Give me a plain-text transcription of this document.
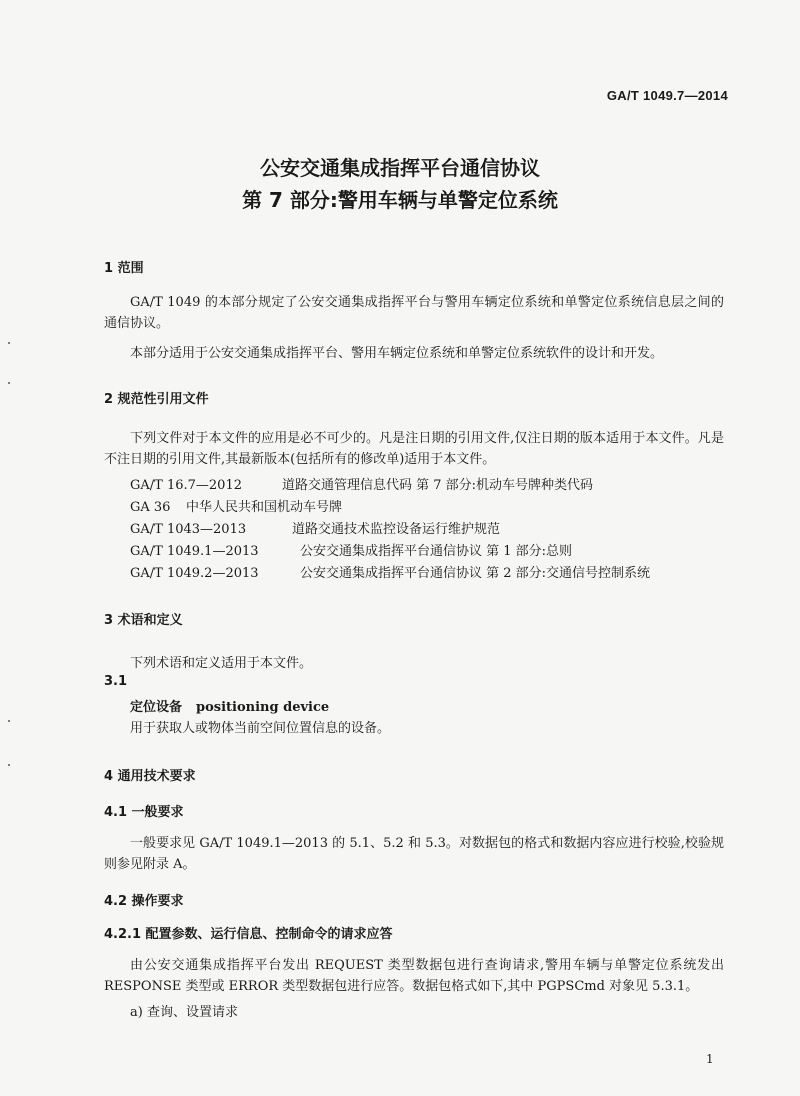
GA/T 1049.7—2014
公安交通集成指挥平台通信协议
第 7 部分:警用车辆与单警定位系统
1 范围
GA/T 1049 的本部分规定了公安交通集成指挥平台与警用车辆定位系统和单警定位系统信息层之间的通信协议。
本部分适用于公安交通集成指挥平台、警用车辆定位系统和单警定位系统软件的设计和开发。
2 规范性引用文件
下列文件对于本文件的应用是必不可少的。凡是注日期的引用文件,仅注日期的版本适用于本文件。凡是不注日期的引用文件,其最新版本(包括所有的修改单)适用于本文件。
GA/T 16.7—2012	道路交通管理信息代码 第 7 部分:机动车号牌种类代码
GA 36 中华人民共和国机动车号牌
GA/T 1043—2013	道路交通技术监控设备运行维护规范
GA/T 1049.1—2013	公安交通集成指挥平台通信协议 第 1 部分:总则
GA/T 1049.2—2013	公安交通集成指挥平台通信协议 第 2 部分:交通信号控制系统
3 术语和定义
下列术语和定义适用于本文件。
3.1
定位设备 positioning device
用于获取人或物体当前空间位置信息的设备。
4 通用技术要求
4.1 一般要求
一般要求见 GA/T 1049.1—2013 的 5.1、5.2 和 5.3。对数据包的格式和数据内容应进行校验,校验规则参见附录 A。
4.2 操作要求
4.2.1 配置参数、运行信息、控制命令的请求应答
由公安交通集成指挥平台发出 REQUEST 类型数据包进行查询请求,警用车辆与单警定位系统发出 RESPONSE 类型或 ERROR 类型数据包进行应答。数据包格式如下,其中 PGPSCmd 对象见 5.3.1。
a) 查询、设置请求
1
